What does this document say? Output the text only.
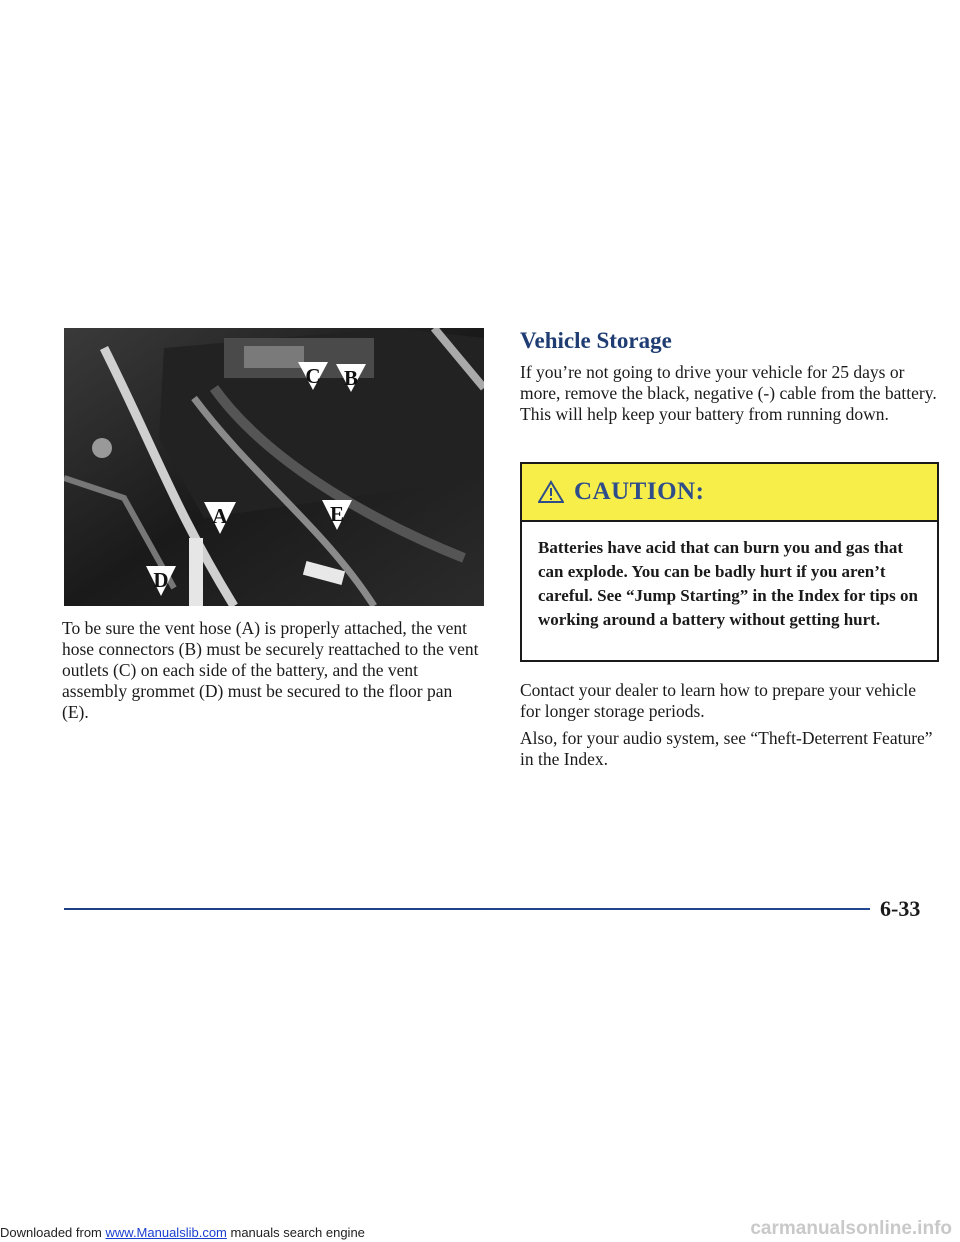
C	B
E
A
D

To be sure the vent hose (A) is properly attached, the vent hose connectors (B) must be securely reattached to the vent outlets (C) on each side of the battery, and the vent assembly grommet (D) must be secured to the floor pan (E).

Vehicle Storage

If you’re not going to drive your vehicle for 25 days or more, remove the black, negative (-) cable from the battery. This will help keep your battery from running down.

CAUTION:
Batteries have acid that can burn you and gas that can explode. You can be badly hurt if you aren’t careful. See “Jump Starting” in the Index for tips on working around a battery without getting hurt.

Contact your dealer to learn how to prepare your vehicle for longer storage periods.

Also, for your audio system, see “Theft-Deterrent Feature” in the Index.

6-33
Downloaded from www.Manualslib.com manuals search engine	carmanualsonline.info
